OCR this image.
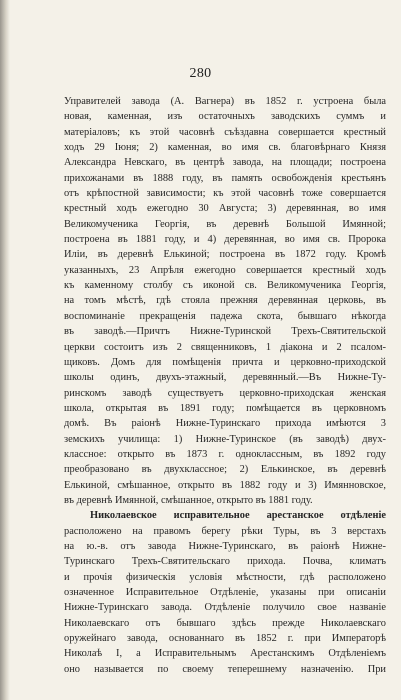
280
Управителей завода (А. Вагнера) въ 1852 г. устроена была
новая, каменная, изъ остаточныхъ заводскихъ суммъ и
матеріаловъ; къ этой часовнѣ съѣздавна совершается крестный
ходъ 29 Іюня; 2) каменная, во имя св. благовѣрнаго Князя
Александра Невскаго, въ центрѣ завода, на площади; построена
прихожанами въ 1888 году, въ память освобожденія крестьянъ
отъ крѣпостной зависимости; къ этой часовнѣ тоже совершается
крестный ходъ ежегодно 30 Августа; 3) деревянная, во имя
Великомученика Георгія, въ деревнѣ Большой Имянной;
построена въ 1881 году, и 4) деревянная, во имя св. Пророка
Иліи, въ деревнѣ Елькиной; построена въ 1872 году. Кромѣ
указанныхъ, 23 Апрѣля ежегодно совершается крестный ходъ
къ каменному столбу съ иконой св. Великомученика Георгія,
на томъ мѣстѣ, гдѣ стояла прежняя деревянная церковь, въ
воспоминаніе прекращенія падежа скота, бывшаго нѣкогда
въ заводѣ.—Причтъ Нижне-Туринской Трехъ-Святительской
церкви состоитъ изъ 2 священниковъ, 1 діакона и 2 псалом-
щиковъ. Домъ для помѣщенія причта и церковно-приходской
школы одинъ, двухъ-этажный, деревянный.—Въ Нижне-Ту-
ринскомъ заводѣ существуетъ церковно-приходская женская
школа, открытая въ 1891 году; помѣщается въ церковномъ
домѣ. Въ раіонѣ Нижне-Туринскаго прихода имѣются 3
земскихъ училища: 1) Нижне-Туринское (въ заводѣ) двух-
классное: открыто въ 1873 г. одноклассным, въ 1892 году
преобразовано въ двухклассное; 2) Елькинское, въ деревнѣ
Елькиной, смѣшанное, открыто въ 1882 году и 3) Имянновское,
въ деревнѣ Имянной, смѣшанное, открыто въ 1881 году.
Николаевское исправительное арестанское отдѣленіе
расположено на правомъ берегу рѣки Туры, въ 3 верстахъ
на ю.-в. отъ завода Нижне-Туринскаго, въ раіонѣ Нижне-
Туринскаго Трехъ-Святительскаго прихода. Почва, климатъ
и прочія физическія условія мѣстности, гдѣ расположено
означенное Исправительное Отдѣленіе, указаны при описаніи
Нижне-Туринскаго завода. Отдѣленіе получило свое названіе
Николаевскаго отъ бывшаго здѣсь прежде Николаевскаго
оружейнаго завода, основаннаго въ 1852 г. при Императорѣ
Николаѣ I, а Исправительнымъ Арестанскимъ Отдѣленіемъ
оно называется по своему теперешнему назначенію. При
